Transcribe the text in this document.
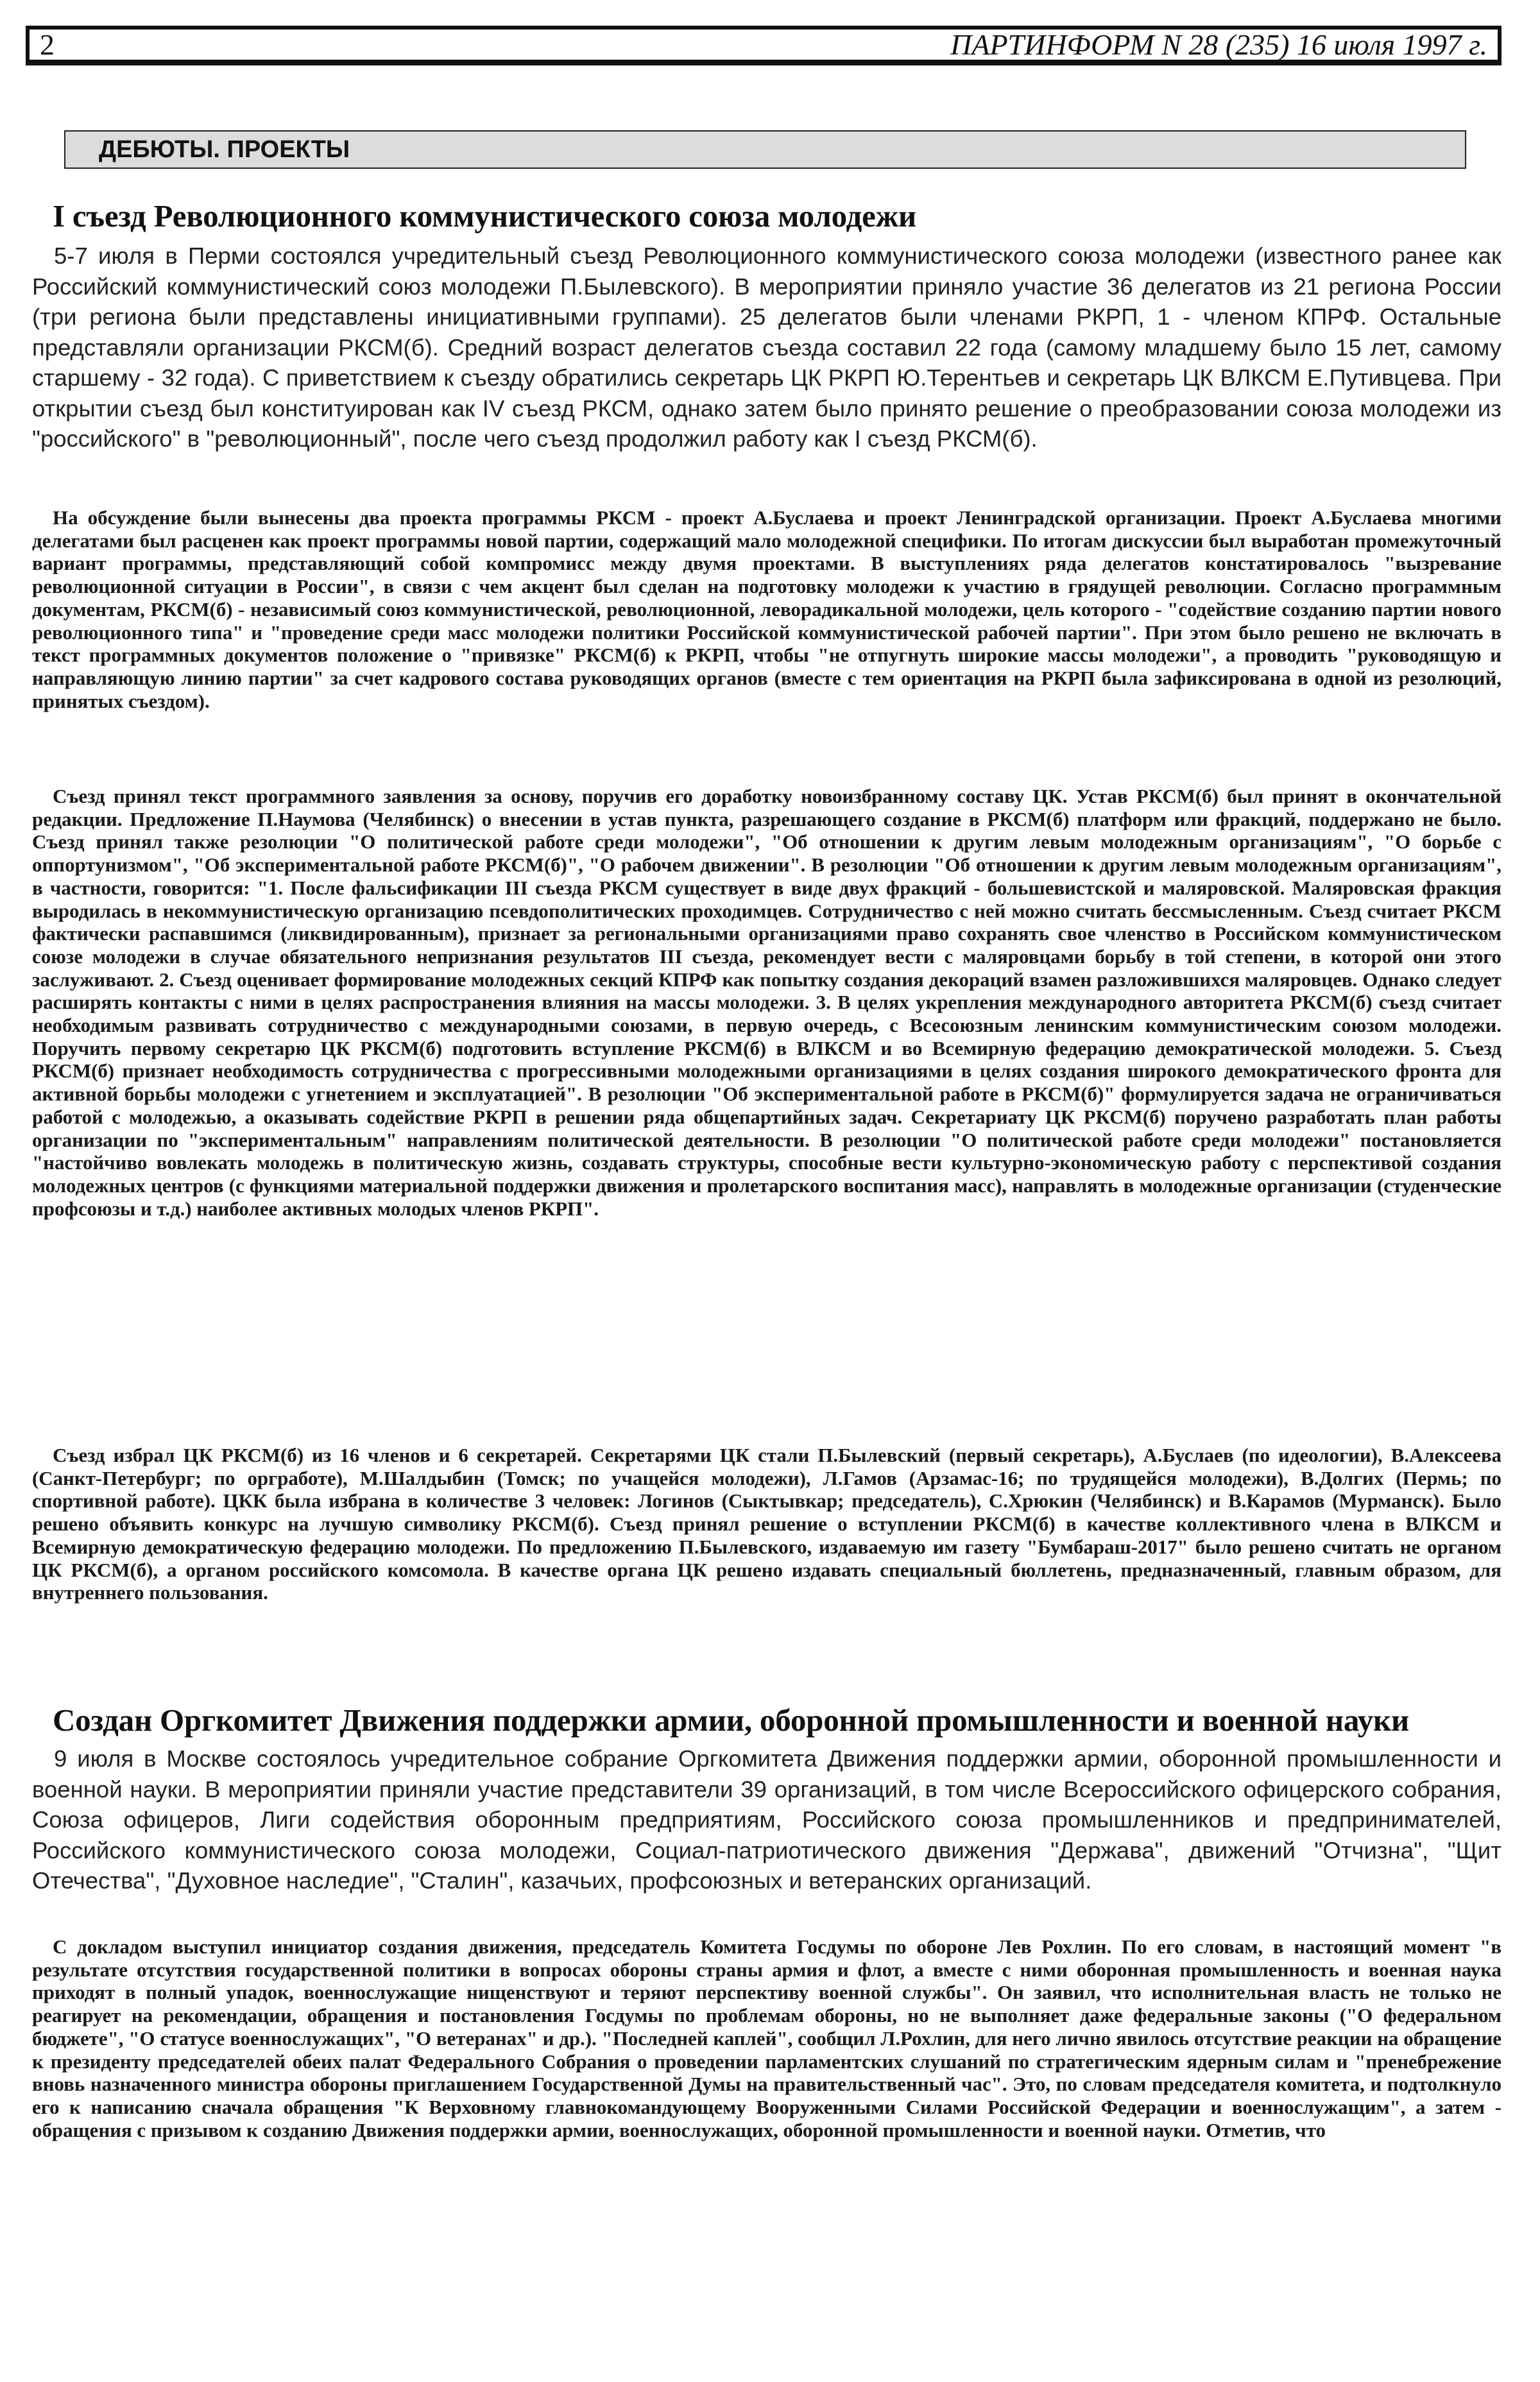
2	ПАРТИНФОРМ N 28 (235) 16 июля 1997 г.
ДЕБЮТЫ. ПРОЕКТЫ
I съезд Революционного коммунистического союза молодежи

5-7 июля в Перми состоялся учредительный съезд Революционного коммунистического союза молодежи (известного ранее как Российский коммунистический союз молодежи П.Былевского). В мероприятии приняло участие 36 делегатов из 21 региона России (три региона были представлены инициативными группами). 25 делегатов были членами РКРП, 1 - членом КПРФ. Остальные представляли организации РКСМ(б). Средний возраст делегатов съезда составил 22 года (самому младшему было 15 лет, самому старшему - 32 года). С приветствием к съезду обратились секретарь ЦК РКРП Ю.Терентьев и секретарь ЦК ВЛКСМ Е.Путивцева. При открытии съезд был конституирован как IV съезд РКСМ, однако затем было принято решение о преобразовании союза молодежи из "российского" в "революционный", после чего съезд продолжил работу как I съезд РКСМ(б).

На обсуждение были вынесены два проекта программы РКСМ - проект А.Буслаева и проект Ленинградской организации. Проект А.Буслаева многими делегатами был расценен как проект программы новой партии, содержащий мало молодежной специфики. По итогам дискуссии был выработан промежуточный вариант программы, представляющий собой компромисс между двумя проектами. В выступлениях ряда делегатов констатировалось "вызревание революционной ситуации в России", в связи с чем акцент был сделан на подготовку молодежи к участию в грядущей революции. Согласно программным документам, РКСМ(б) - независимый союз коммунистической, революционной, леворадикальной молодежи, цель которого - "содействие созданию партии нового революционного типа" и "проведение среди масс молодежи политики Российской коммунистической рабочей партии". При этом было решено не включать в текст программных документов положение о "привязке" РКСМ(б) к РКРП, чтобы "не отпугнуть широкие массы молодежи", а проводить "руководящую и направляющую линию партии" за счет кадрового состава руководящих органов (вместе с тем ориентация на РКРП была зафиксирована в одной из резолюций, принятых съездом).

Съезд принял текст программного заявления за основу, поручив его доработку новоизбранному составу ЦК. Устав РКСМ(б) был принят в окончательной редакции. Предложение П.Наумова (Челябинск) о внесении в устав пункта, разрешающего создание в РКСМ(б) платформ или фракций, поддержано не было. Съезд принял также резолюции "О политической работе среди молодежи", "Об отношении к другим левым молодежным организациям", "О борьбе с оппортунизмом", "Об экспериментальной работе РКСМ(б)", "О рабочем движении". В резолюции "Об отношении к другим левым молодежным организациям", в частности, говорится: "1. После фальсификации III съезда РКСМ существует в виде двух фракций - большевистской и маляровской. Маляровская фракция выродилась в некоммунистическую организацию псевдополитических проходимцев. Сотрудничество с ней можно считать бессмысленным. Съезд считает РКСМ фактически распавшимся (ликвидированным), признает за региональными организациями право сохранять свое членство в Российском коммунистическом союзе молодежи в случае обязательного непризнания результатов III съезда, рекомендует вести с маляровцами борьбу в той степени, в которой они этого заслуживают. 2. Съезд оценивает формирование молодежных секций КПРФ как попытку создания декораций взамен разложившихся маляровцев. Однако следует расширять контакты с ними в целях распространения влияния на массы молодежи. 3. В целях укрепления международного авторитета РКСМ(б) съезд считает необходимым развивать сотрудничество с международными союзами, в первую очередь, с Всесоюзным ленинским коммунистическим союзом молодежи. Поручить первому секретарю ЦК РКСМ(б) подготовить вступление РКСМ(б) в ВЛКСМ и во Всемирную федерацию демократической молодежи. 5. Съезд РКСМ(б) признает необходимость сотрудничества с прогрессивными молодежными организациями в целях создания широкого демократического фронта для активной борьбы молодежи с угнетением и эксплуатацией". В резолюции "Об экспериментальной работе в РКСМ(б)" формулируется задача не ограничиваться работой с молодежью, а оказывать содействие РКРП в решении ряда общепартийных задач. Секретариату ЦК РКСМ(б) поручено разработать план работы организации по "экспериментальным" направлениям политической деятельности. В резолюции "О политической работе среди молодежи" постановляется "настойчиво вовлекать молодежь в политическую жизнь, создавать структуры, способные вести культурно-экономическую работу с перспективой создания молодежных центров (с функциями материальной поддержки движения и пролетарского воспитания масс), направлять в молодежные организации (студенческие профсоюзы и т.д.) наиболее активных молодых членов РКРП".

Съезд избрал ЦК РКСМ(б) из 16 членов и 6 секретарей. Секретарями ЦК стали П.Былевский (первый секретарь), А.Буслаев (по идеологии), В.Алексеева (Санкт-Петербург; по оргработе), М.Шалдыбин (Томск; по учащейся молодежи), Л.Гамов (Арзамас-16; по трудящейся молодежи), В.Долгих (Пермь; по спортивной работе). ЦКК была избрана в количестве 3 человек: Логинов (Сыктывкар; председатель), С.Хрюкин (Челябинск) и В.Карамов (Мурманск). Было решено объявить конкурс на лучшую символику РКСМ(б). Съезд принял решение о вступлении РКСМ(б) в качестве коллективного члена в ВЛКСМ и Всемирную демократическую федерацию молодежи. По предложению П.Былевского, издаваемую им газету "Бумбараш-2017" было решено считать не органом ЦК РКСМ(б), а органом российского комсомола. В качестве органа ЦК решено издавать специальный бюллетень, предназначенный, главным образом, для внутреннего пользования.

Создан Оргкомитет Движения поддержки армии, оборонной промышленности и военной науки

9 июля в Москве состоялось учредительное собрание Оргкомитета Движения поддержки армии, оборонной промышленности и военной науки. В мероприятии приняли участие представители 39 организаций, в том числе Всероссийского офицерского собрания, Союза офицеров, Лиги содействия оборонным предприятиям, Российского союза промышленников и предпринимателей, Российского коммунистического союза молодежи, Социал-патриотического движения "Держава", движений "Отчизна", "Щит Отечества", "Духовное наследие", "Сталин", казачьих, профсоюзных и ветеранских организаций.

С докладом выступил инициатор создания движения, председатель Комитета Госдумы по обороне Лев Рохлин. По его словам, в настоящий момент "в результате отсутствия государственной политики в вопросах обороны страны армия и флот, а вместе с ними оборонная промышленность и военная наука приходят в полный упадок, военнослужащие нищенствуют и теряют перспективу военной службы". Он заявил, что исполнительная власть не только не реагирует на рекомендации, обращения и постановления Госдумы по проблемам обороны, но не выполняет даже федеральные законы ("О федеральном бюджете", "О статусе военнослужащих", "О ветеранах" и др.). "Последней каплей", сообщил Л.Рохлин, для него лично явилось отсутствие реакции на обращение к президенту председателей обеих палат Федерального Собрания о проведении парламентских слушаний по стратегическим ядерным силам и "пренебрежение вновь назначенного министра обороны приглашением Государственной Думы на правительственный час". Это, по словам председателя комитета, и подтолкнуло его к написанию сначала обращения "К Верховному главнокомандующему Вооруженными Силами Российской Федерации и военнослужащим", а затем - обращения с призывом к созданию Движения поддержки армии, военнослужащих, оборонной промышленности и военной науки. Отметив, что
